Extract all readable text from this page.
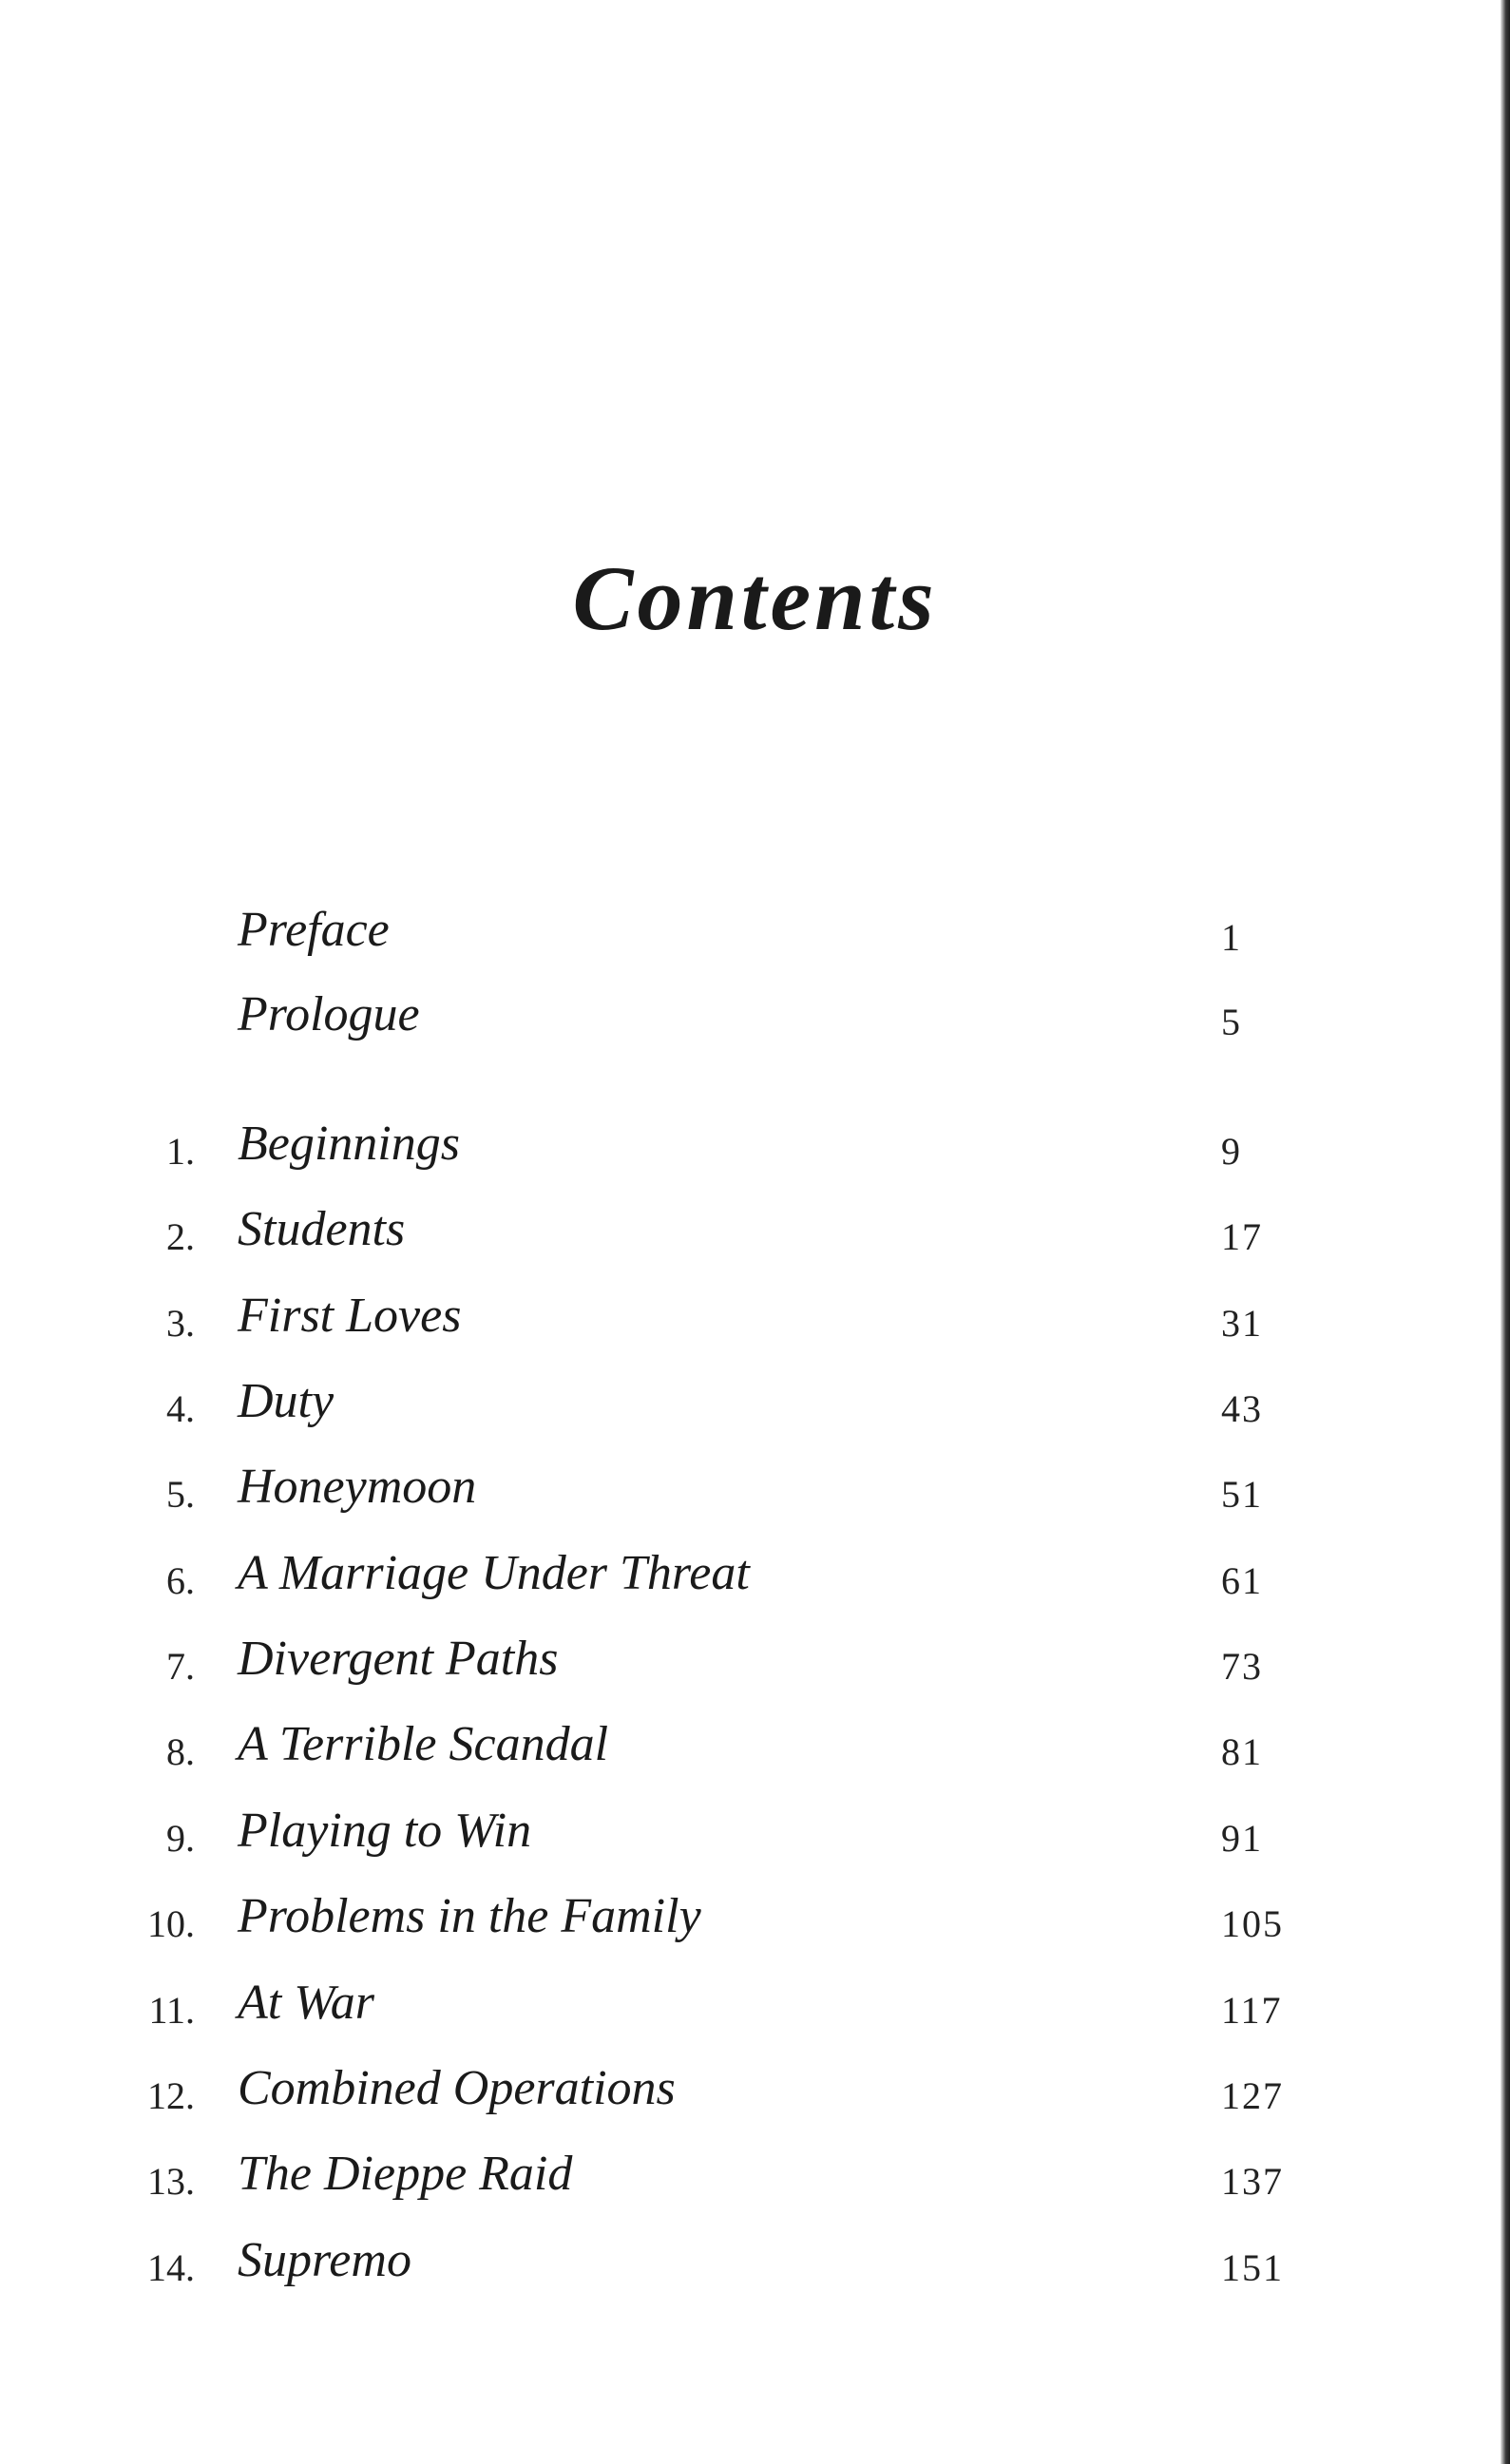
Contents
Preface	1
Prologue	5
1. Beginnings	9
2. Students	17
3. First Loves	31
4. Duty	43
5. Honeymoon	51
6. A Marriage Under Threat	61
7. Divergent Paths	73
8. A Terrible Scandal	81
9. Playing to Win	91
10. Problems in the Family	105
11. At War	117
12. Combined Operations	127
13. The Dieppe Raid	137
14. Supremo	151
